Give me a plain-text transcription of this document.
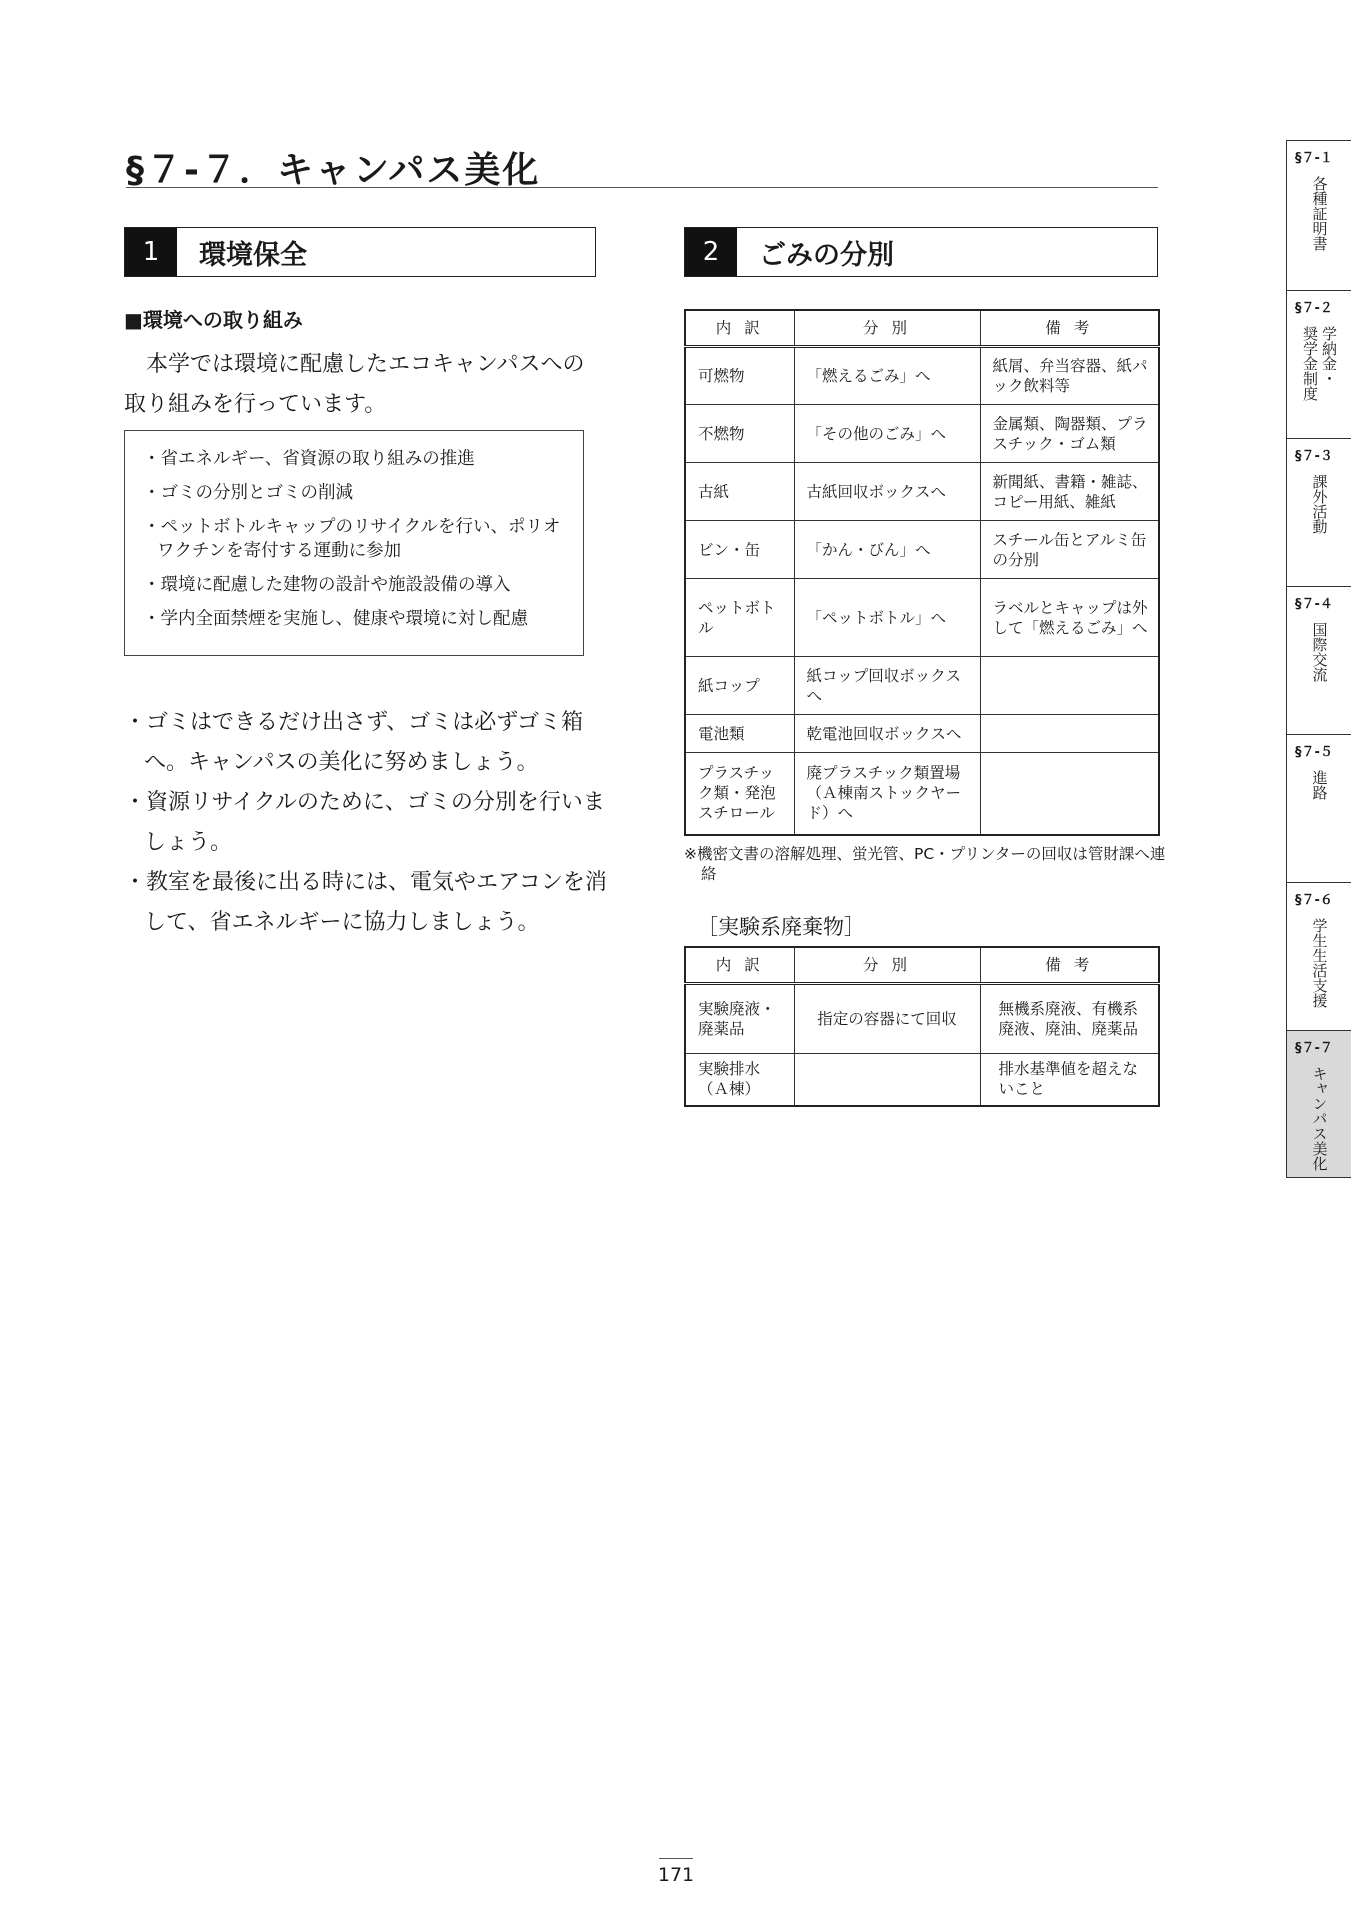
§７-７．キャンパス美化
1	環境保全
■環境への取り組み
本学では環境に配慮したエコキャンパスへの取り組みを行っています。
・省エネルギー、省資源の取り組みの推進
・ゴミの分別とゴミの削減
・ペットボトルキャップのリサイクルを行い、ポリオワクチンを寄付する運動に参加
・環境に配慮した建物の設計や施設設備の導入
・学内全面禁煙を実施し、健康や環境に対し配慮
・ゴミはできるだけ出さず、ゴミは必ずゴミ箱へ。キャンパスの美化に努めましょう。
・資源リサイクルのために、ゴミの分別を行いましょう。
・教室を最後に出る時には、電気やエアコンを消して、省エネルギーに協力しましょう。
2	ごみの分別
内 訳	分 別	備 考
可燃物	「燃えるごみ」へ	紙屑、弁当容器、紙パック飲料等
不燃物	「その他のごみ」へ	金属類、陶器類、プラスチック・ゴム類
古紙	古紙回収ボックスへ	新聞紙、書籍・雑誌、コピー用紙、雑紙
ビン・缶	「かん・びん」へ	スチール缶とアルミ缶の分別
ペットボトル	「ペットボトル」へ	ラベルとキャップは外して「燃えるごみ」へ
紙コップ	紙コップ回収ボックスへ	
電池類	乾電池回収ボックスへ	
プラスチック類・発泡スチロール	廃プラスチック類置場（Ａ棟南ストックヤード）へ	
※機密文書の溶解処理、蛍光管、PC・プリンターの回収は管財課へ連絡
［実験系廃棄物］
内 訳	分 別	備 考
実験廃液・廃薬品	指定の容器にて回収	無機系廃液、有機系廃液、廃油、廃薬品
実験排水（Ａ棟）		排水基準値を超えないこと
§７-１
各種証明書
§７-２
学納金・
奨学金制度
§７-３
課外活動
§７-４
国際交流
§７-５
進路
§７-６
学生生活支援
§７-７
キャンパス美化
171
